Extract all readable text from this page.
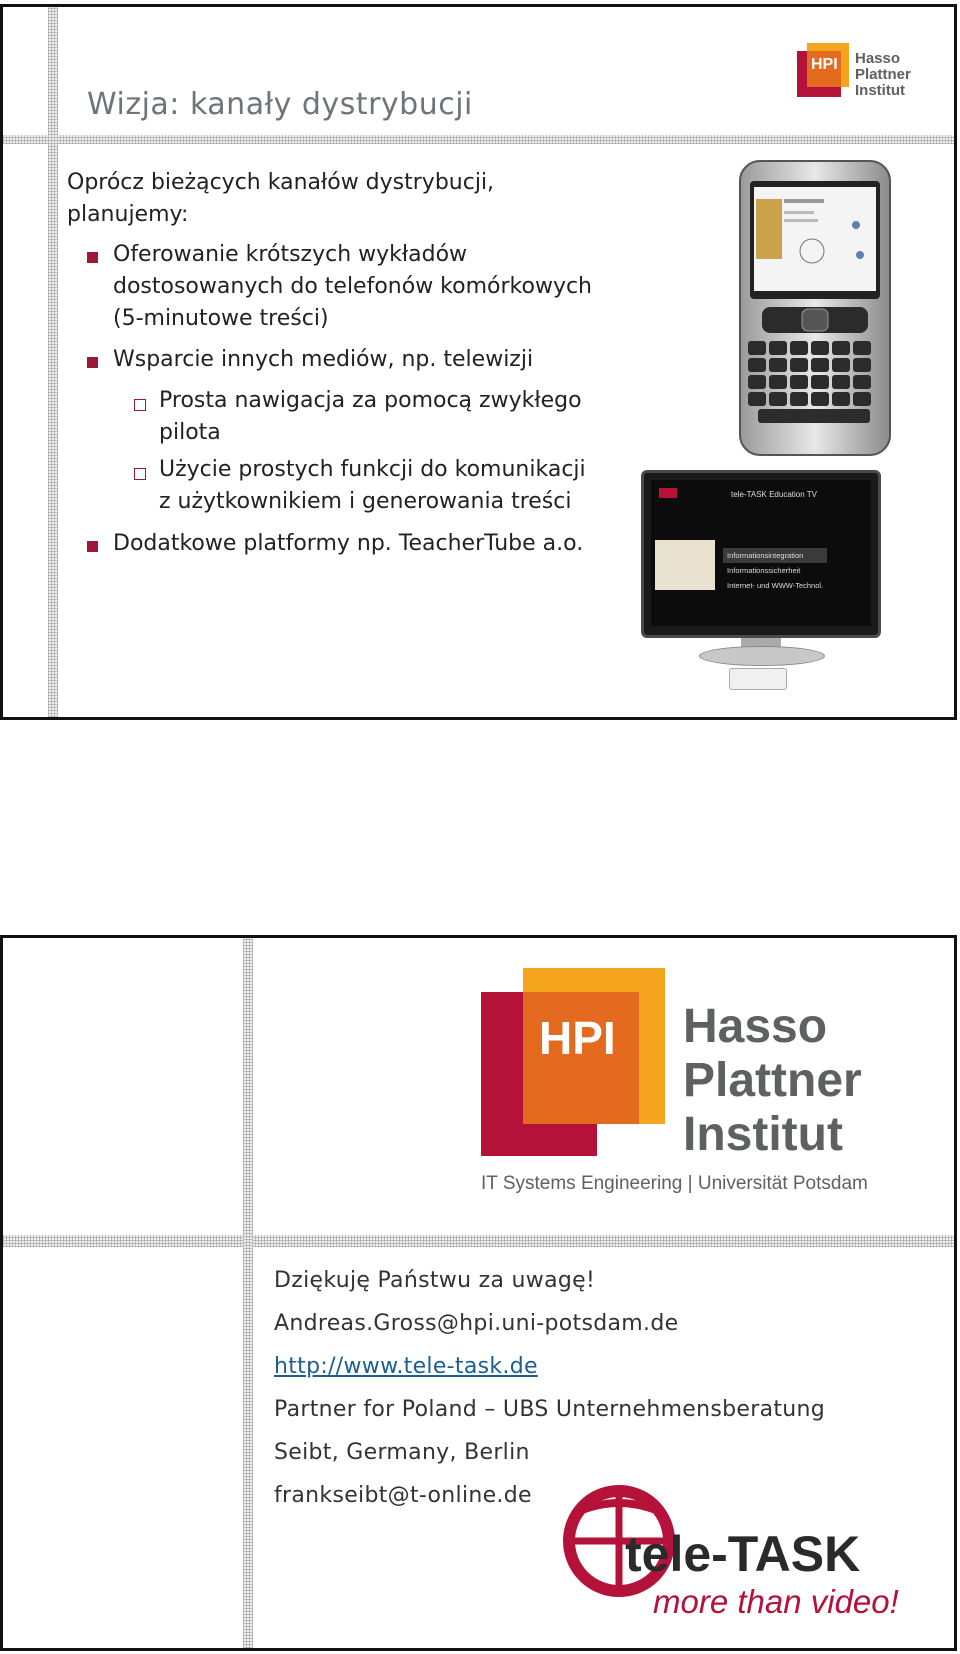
Wizja: kanały dystrybucji
HPI Hasso
Plattner
Institut
Oprócz bieżących kanałów dystrybucji,
planujemy:
Oferowanie krótszych wykładów
dostosowanych do telefonów komórkowych
(5-minutowe treści)
Wsparcie innych mediów, np. telewizji
Prosta nawigacja za pomocą zwykłego
pilota
Użycie prostych funkcji do komunikacji
z użytkownikiem i generowania treści
Dodatkowe platformy np. TeacherTube a.o.
tele-TASK Education TV
Informationsintegration
Informationssicherheit
Internet- und WWW-Technol.
HPI Hasso
Plattner
Institut
IT Systems Engineering | Universität Potsdam
Dziękuję Państwu za uwagę!
Andreas.Gross@hpi.uni-potsdam.de
http://www.tele-task.de
Partner for Poland – UBS Unternehmensberatung
Seibt, Germany, Berlin
frankseibt@t-online.de
tele-TASK
more than video!
